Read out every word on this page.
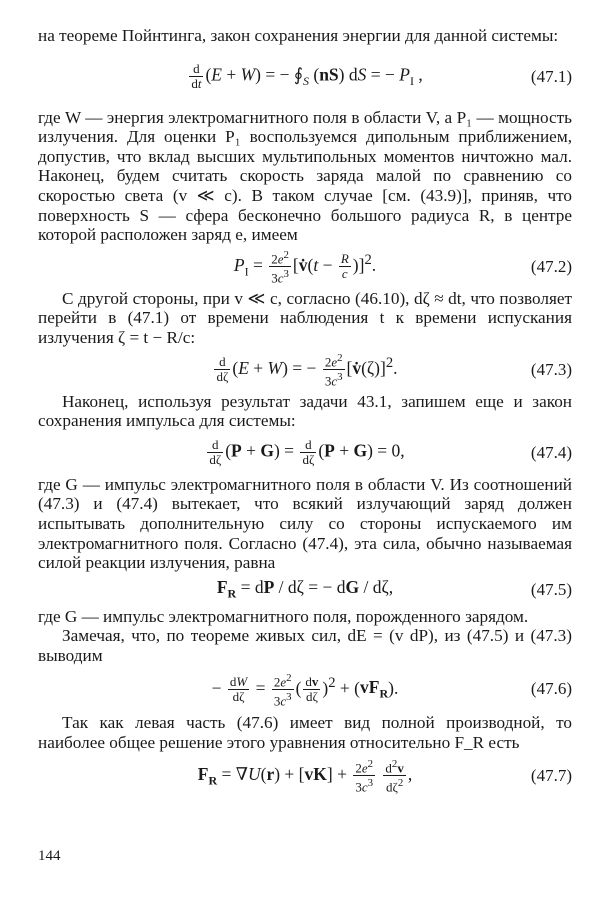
на теореме Пойнтинга, закон сохранения энергии для данной системы:

$\frac{d}{dt} (E + W)$ = − $∮_S$ (nS) dS = − $P_I$ ,	(47.1)

где W — энергия электромагнитного поля в области V, а P₁ — мощность излучения. Для оценки P₁ воспользуемся дипольным приближением, допустив, что вклад высших мультипольных моментов ничтожно мал. Наконец, будем считать скорость заряда малой по сравнению со скоростью света (v ≪ c). В таком случае [см. (43.9)], приняв, что поверхность S — сфера бесконечно большого радиуса R, в центре которой расположен заряд e, имеем

$P_I = \frac{2e^2}{3c^3}$ [v̇(t − $\frac{R}{c} )]^2$.	(47.2)

С другой стороны, при v ≪ c, согласно (46.10), dζ ≈ dt, что позволяет перейти в (47.1) от времени наблюдения t к времени испускания излучения ζ = t − R/c:

$\frac{d}{d\zeta} (E + W)$ = − $\frac{2e^2}{3c^3}$ [v̇(ζ)]$^2$.	(47.3)

Наконец, используя результат задачи 43.1, запишем еще и закон сохранения импульса для системы:

$\frac{d}{d\zeta} (P + G) = \frac{d}{d\zeta} (P + G) = 0$,	(47.4)

где G — импульс электромагнитного поля в области V. Из соотношений (47.3) и (47.4) вытекает, что всякий излучающий заряд должен испытывать дополнительную силу со стороны испускаемого им электромагнитного поля. Согласно (47.4), эта сила, обычно называемая силой реакции излучения, равна

$F_R$ = dP / dζ = − dG / dζ,	(47.5)

где G — импульс электромагнитного поля, порожденного зарядом.

Замечая, что, по теореме живых сил, dE = (v dP), из (47.5) и (47.3) выводим

− $\frac{dW}{d\zeta} = \frac{2e^2}{3c^3}$ ( $\frac{dv}{d\zeta} )^2 + (vF_R)$.	(47.6)

Так как левая часть (47.6) имеет вид полной производной, то наиболее общее решение этого уравнения относительно F_R есть

$F_R = \nabla U(r) + [vK] + \frac{2e^2}{3c^3}$
$\frac{d^2v}{d\zeta^2}$ ,	(47.7)
144
